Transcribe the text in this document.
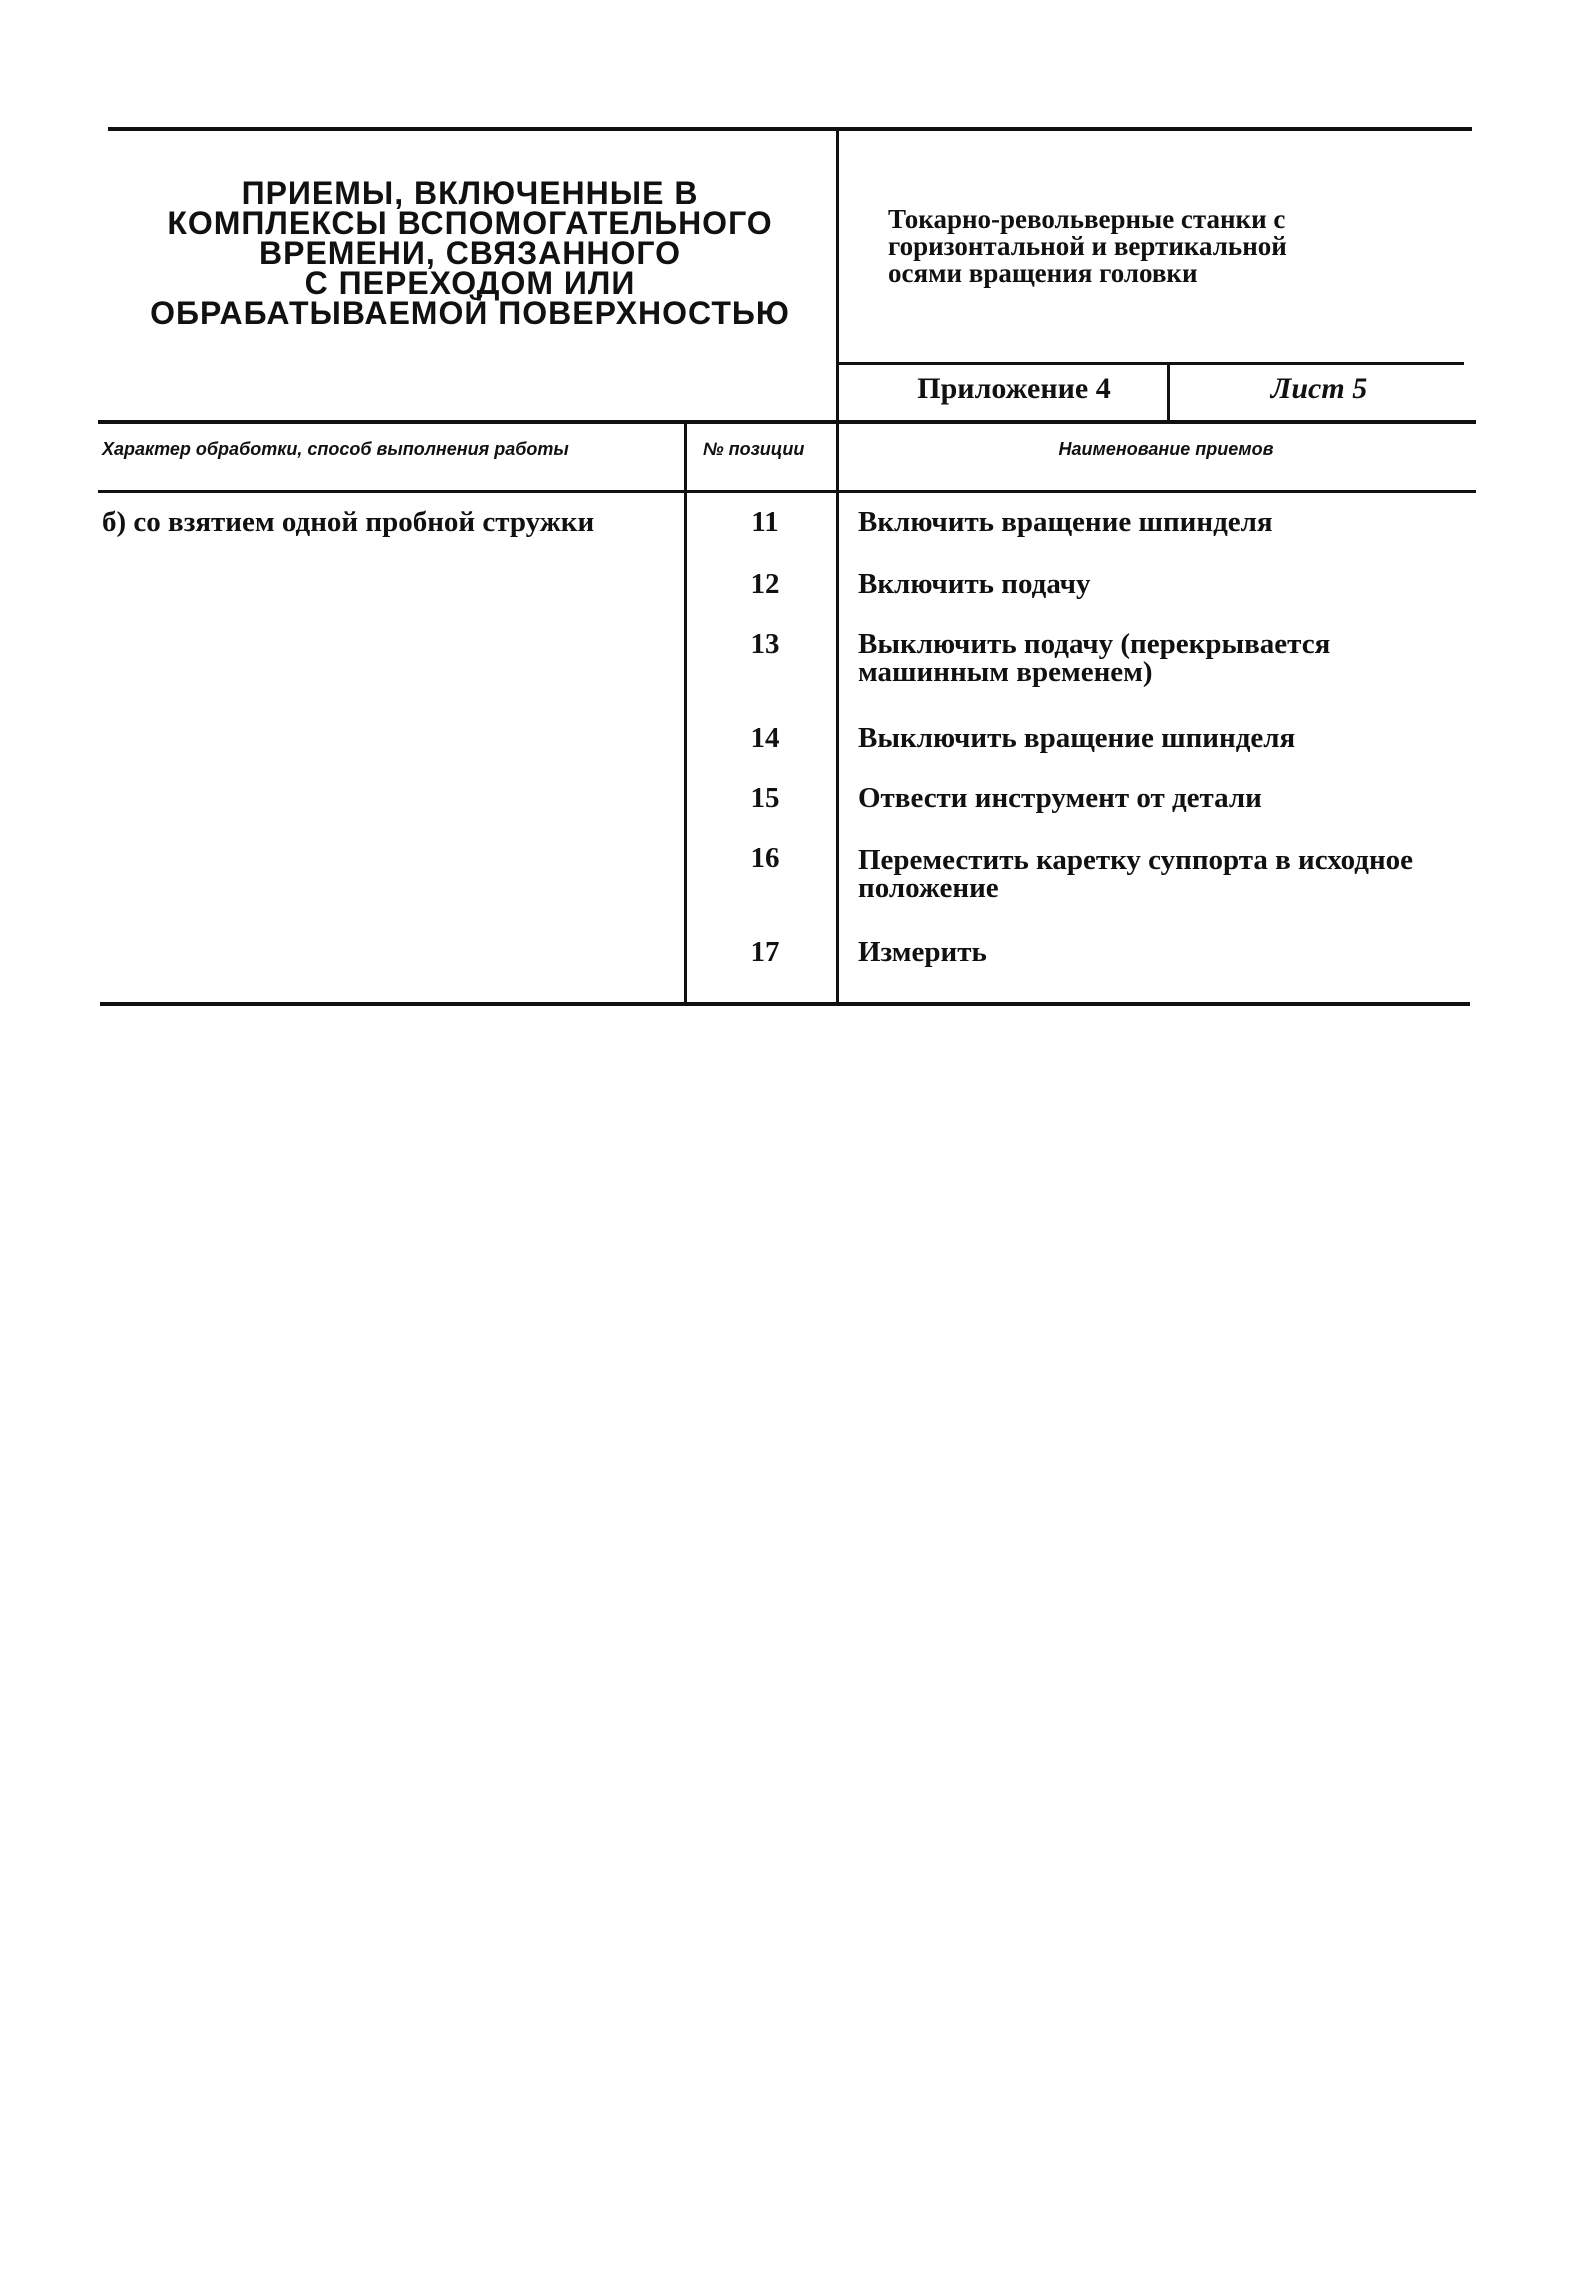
ПРИЕМЫ, ВКЛЮЧЕННЫЕ В
КОМПЛЕКСЫ ВСПОМОГАТЕЛЬНОГО
ВРЕМЕНИ, СВЯЗАННОГО
С ПЕРЕХОДОМ ИЛИ
ОБРАБАТЫВАЕМОЙ ПОВЕРХНОСТЬЮ
Токарно-револьверные станки с
горизонтальной и вертикальной
осями вращения головки
Приложение 4	Лист 5
Характер обработки, способ выполнения работы	№ позиции	Наименование приемов
б) со взятием одной пробной стружки	11	Включить вращение шпинделя
12	Включить подачу
13	Выключить подачу (перекрывается машинным временем)
14	Выключить вращение шпинделя
15	Отвести инструмент от детали
16	Переместить каретку суппорта в исходное положение
17	Измерить
